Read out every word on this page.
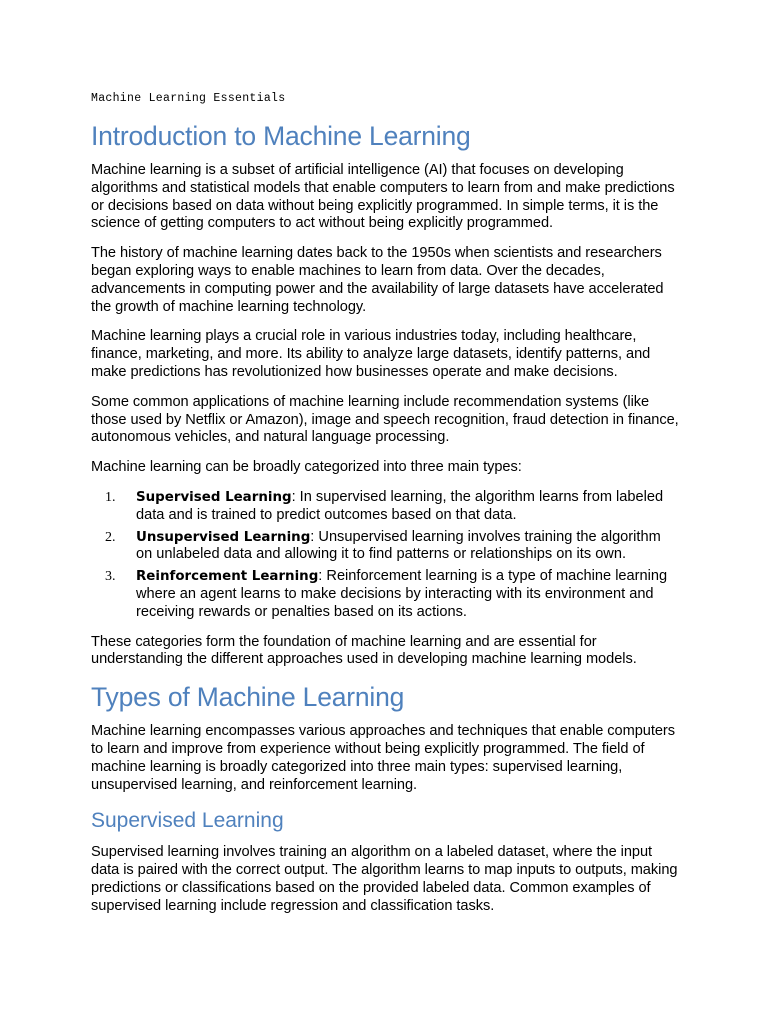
Machine Learning Essentials
Introduction to Machine Learning

Machine learning is a subset of artificial intelligence (AI) that focuses on developing algorithms and statistical models that enable computers to learn from and make predictions or decisions based on data without being explicitly programmed. In simple terms, it is the science of getting computers to act without being explicitly programmed.

The history of machine learning dates back to the 1950s when scientists and researchers began exploring ways to enable machines to learn from data. Over the decades, advancements in computing power and the availability of large datasets have accelerated the growth of machine learning technology.

Machine learning plays a crucial role in various industries today, including healthcare, finance, marketing, and more. Its ability to analyze large datasets, identify patterns, and make predictions has revolutionized how businesses operate and make decisions.

Some common applications of machine learning include recommendation systems (like those used by Netflix or Amazon), image and speech recognition, fraud detection in finance, autonomous vehicles, and natural language processing.

Machine learning can be broadly categorized into three main types:

1. Supervised Learning: In supervised learning, the algorithm learns from labeled data and is trained to predict outcomes based on that data.
2. Unsupervised Learning: Unsupervised learning involves training the algorithm on unlabeled data and allowing it to find patterns or relationships on its own.
3. Reinforcement Learning: Reinforcement learning is a type of machine learning where an agent learns to make decisions by interacting with its environment and receiving rewards or penalties based on its actions.

These categories form the foundation of machine learning and are essential for understanding the different approaches used in developing machine learning models.

Types of Machine Learning

Machine learning encompasses various approaches and techniques that enable computers to learn and improve from experience without being explicitly programmed. The field of machine learning is broadly categorized into three main types: supervised learning, unsupervised learning, and reinforcement learning.

Supervised Learning

Supervised learning involves training an algorithm on a labeled dataset, where the input data is paired with the correct output. The algorithm learns to map inputs to outputs, making predictions or classifications based on the provided labeled data. Common examples of supervised learning include regression and classification tasks.
